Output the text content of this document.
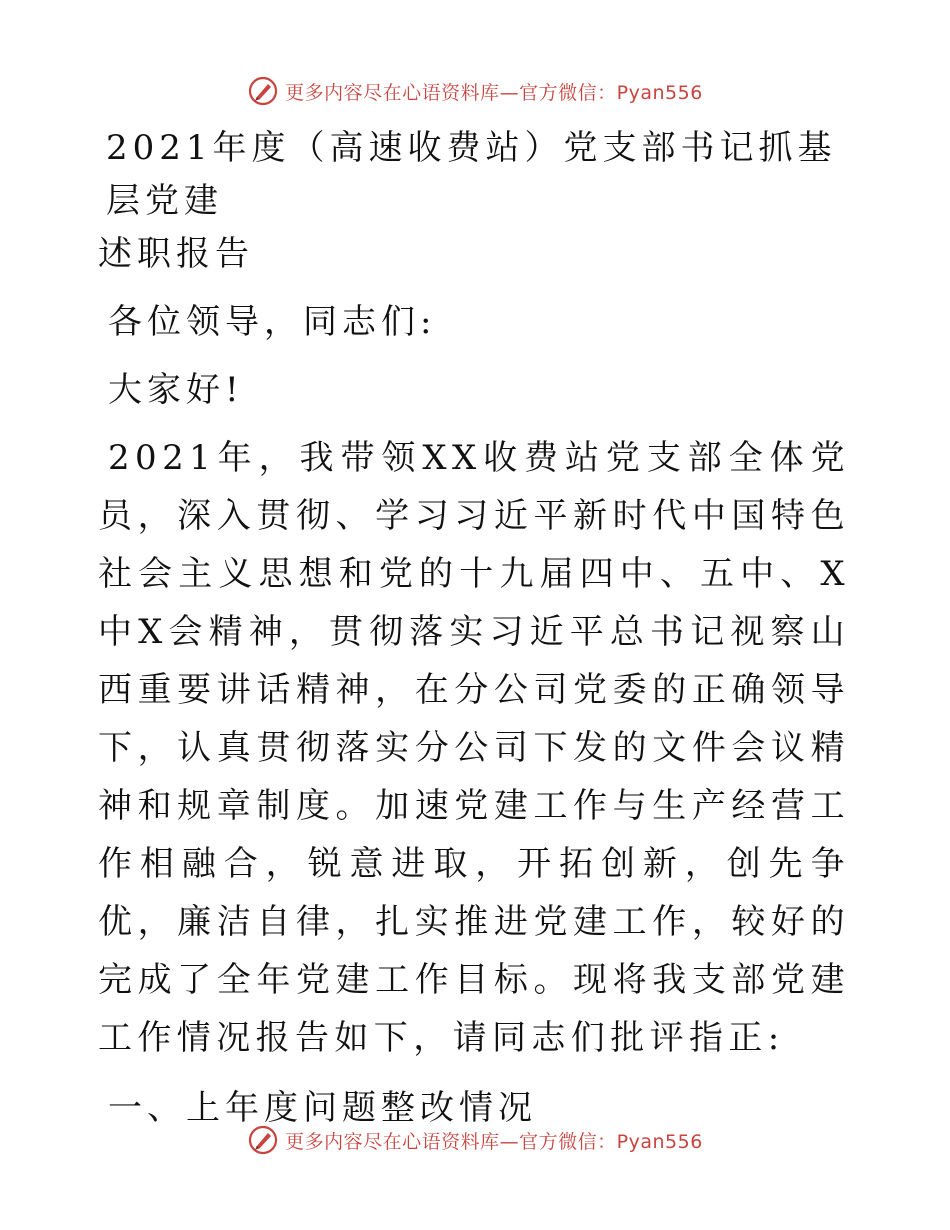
更多内容尽在心语资料库—官方微信：Pyan556
2021年度（高速收费站）党支部书记抓基层党建
述职报告

各位领导，同志们:

大家好!

2021年，我带领XX收费站党支部全体党员，深入贯彻、学习习近平新时代中国特色社会主义思想和党的十九届四中、五中、X中X会精神，贯彻落实习近平总书记视察山西重要讲话精神，在分公司党委的正确领导下，认真贯彻落实分公司下发的文件会议精神和规章制度。加速党建工作与生产经营工作相融合，锐意进取，开拓创新，创先争优，廉洁自律，扎实推进党建工作，较好的完成了全年党建工作目标。现将我支部党建工作情况报告如下，请同志们批评指正:

一、上年度问题整改情况

更多内容尽在心语资料库—官方微信：Pyan556
